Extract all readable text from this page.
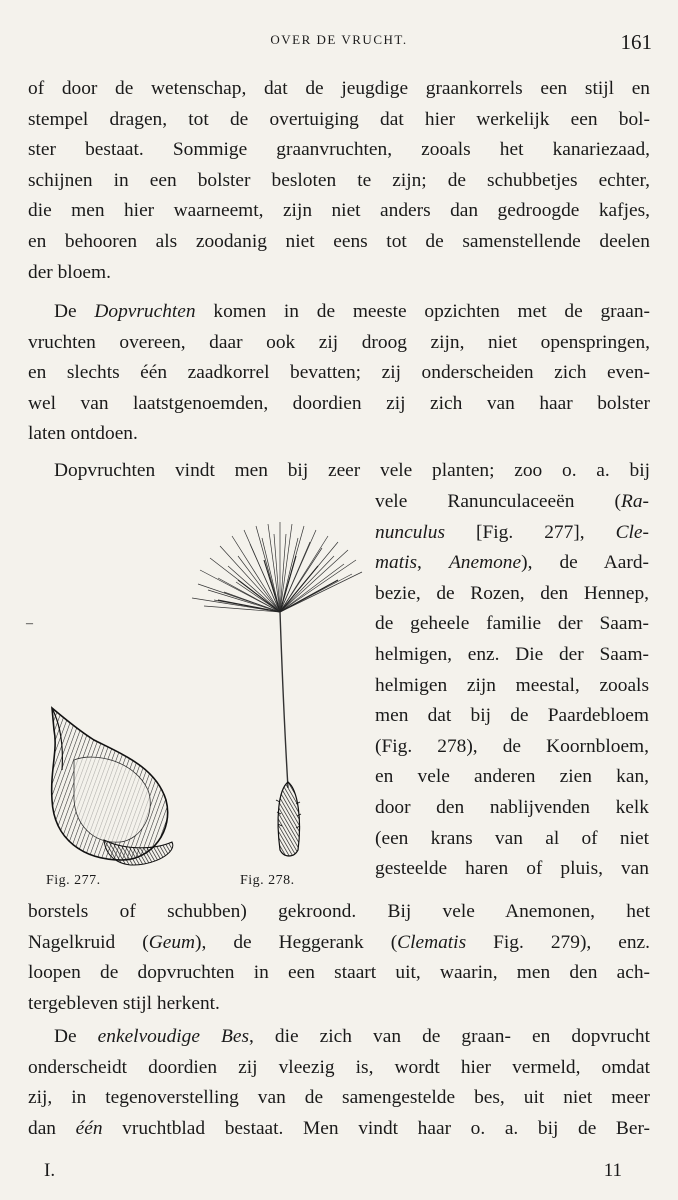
OVER DE VRUCHT.	161

of door de wetenschap, dat de jeugdige graankorrels een stijl en

stempel dragen, tot de overtuiging dat hier werkelijk een bol-

ster bestaat. Sommige graanvruchten, zooals het kanariezaad,

schijnen in een bolster besloten te zijn; de schubbetjes echter,

die men hier waarneemt, zijn niet anders dan gedroogde kafjes,

en behooren als zoodanig niet eens tot de samenstellende deelen

der bloem.

De Dopvruchten komen in de meeste opzichten met de graan-

vruchten overeen, daar ook zij droog zijn, niet openspringen,

en slechts één zaadkorrel bevatten; zij onderscheiden zich even-

wel van laatstgenoemden, doordien zij zich van haar bolster

laten ontdoen.

Dopvruchten vindt men bij zeer vele planten; zoo o. a. bij

vele Ranunculaceeën (Ra-

nunculus [Fig. 277], Cle-

matis, Anemone), de Aard-

bezie, de Rozen, den Hennep,

de geheele familie der Saam-

helmigen, enz. Die der Saam-

helmigen zijn meestal, zooals

men dat bij de Paardebloem

(Fig. 278), de Koornbloem,

en vele anderen zien kan,

door den nablijvenden kelk

(een krans van al of niet

gesteelde haren of pluis, van

–
Fig. 277.	Fig. 278.

borstels of schubben) gekroond. Bij vele Anemonen, het

Nagelkruid (Geum), de Heggerank (Clematis Fig. 279), enz.

loopen de dopvruchten in een staart uit, waarin, men den ach-

tergebleven stijl herkent.

De enkelvoudige Bes, die zich van de graan- en dopvrucht

onderscheidt doordien zij vleezig is, wordt hier vermeld, omdat

zij, in tegenoverstelling van de samengestelde bes, uit niet meer

dan één vruchtblad bestaat. Men vindt haar o. a. bij de Ber-

I.	11
